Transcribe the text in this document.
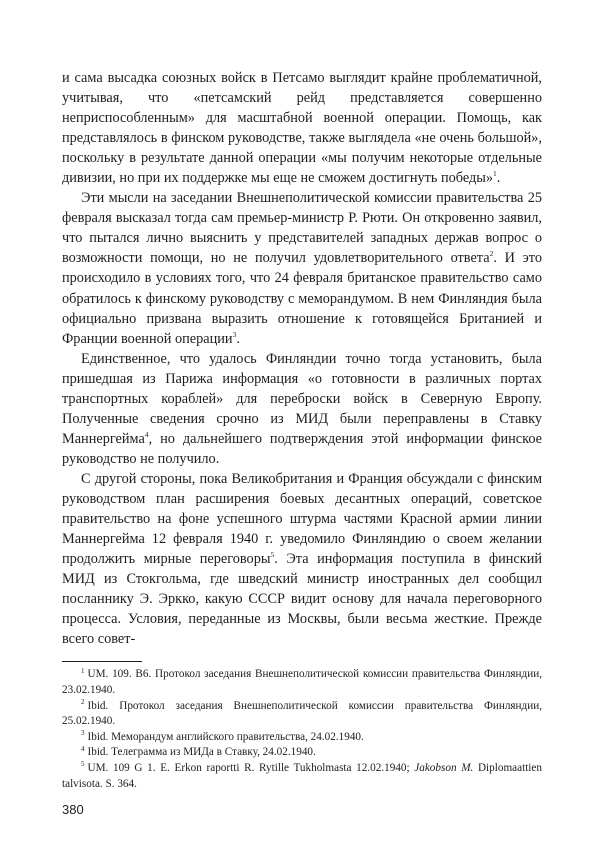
и сама высадка союзных войск в Петсамо выглядит крайне проблематичной, учитывая, что «петсамский рейд представляется совершенно неприспособленным» для масштабной военной операции. Помощь, как представлялось в финском руководстве, также выглядела «не очень большой», поскольку в результате данной операции «мы получим некоторые отдельные дивизии, но при их поддержке мы еще не сможем достигнуть победы»$^1$.

Эти мысли на заседании Внешнеполитической комиссии правительства 25 февраля высказал тогда сам премьер-министр Р. Рюти. Он откровенно заявил, что пытался лично выяснить у представителей западных держав вопрос о возможности помощи, но не получил удовлетворительного ответа$^2$. И это происходило в условиях того, что 24 февраля британское правительство само обратилось к финскому руководству с меморандумом. В нем Финляндия была официально призвана выразить отношение к готовящейся Британией и Франции военной операции$^3$.

Единственное, что удалось Финляндии точно тогда установить, была пришедшая из Парижа информация «о готовности в различных портах транспортных кораблей» для переброски войск в Северную Европу. Полученные сведения срочно из МИД были переправлены в Ставку Маннергейма$^4$, но дальнейшего подтверждения этой информации финское руководство не получило.

С другой стороны, пока Великобритания и Франция обсуждали с финским руководством план расширения боевых десантных операций, советское правительство на фоне успешного штурма частями Красной армии линии Маннергейма 12 февраля 1940 г. уведомило Финляндию о своем желании продолжить мирные переговоры$^5$. Эта информация поступила в финский МИД из Стокгольма, где шведский министр иностранных дел сообщил посланнику Э. Эркко, какую СССР видит основу для начала переговорного процесса. Условия, переданные из Москвы, были весьма жесткие. Прежде всего совет-

$^1$ UM. 109. B6. Протокол заседания Внешнеполитической комиссии правительства Финляндии, 23.02.1940.

$^2$ Ibid. Протокол заседания Внешнеполитической комиссии правительства Финляндии, 25.02.1940.

$^3$ Ibid. Меморандум английского правительства, 24.02.1940.

$^4$ Ibid. Телеграмма из МИДа в Ставку, 24.02.1940.

$^5$ UM. 109 G 1. E. Erkon raportti R. Rytille Tukholmasta 12.02.1940; Jakobson M. Diplomaattien talvisota. S. 364.

380
